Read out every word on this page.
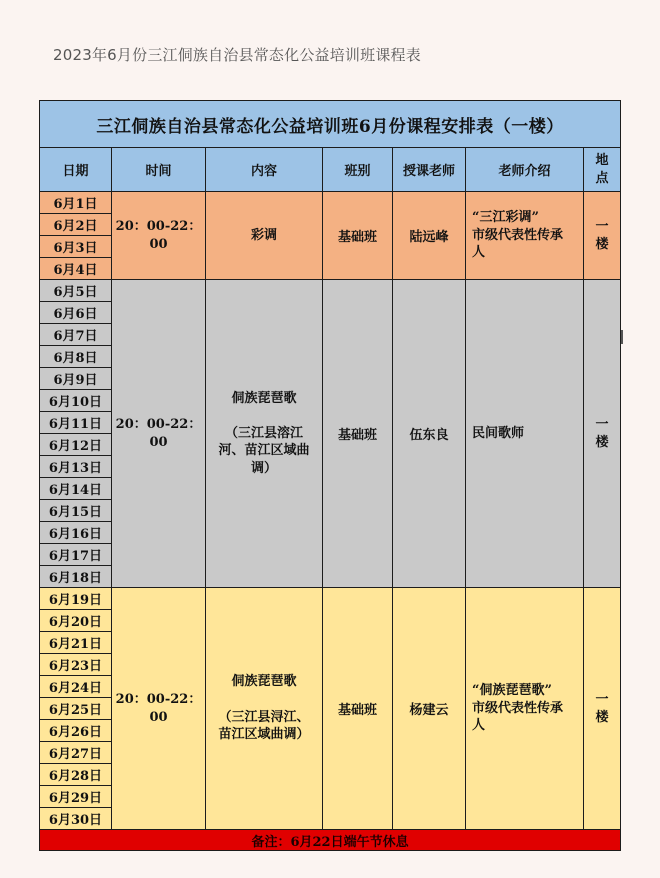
2023年6月份三江侗族自治县常态化公益培训班课程表
三江侗族自治县常态化公益培训班6月份课程安排表（一楼）						
日期	时间	内容	班别	授课老师	老师介绍	地
点
6月1日	20：00-22：
00	彩调	基础班	陆远峰	“三江彩调”
市级代表性传承
人	一
楼
6月2日						
6月3日						
6月4日						
6月5日	20：00-22：
00	侗族琵琶歌

（三江县溶江
河、苗江区域曲
调）	基础班	伍东良	民间歌师	一
楼
6月6日						
6月7日						
6月8日						
6月9日						
6月10日						
6月11日						
6月12日						
6月13日						
6月14日						
6月15日						
6月16日						
6月17日						
6月18日						
6月19日	20：00-22：
00	侗族琵琶歌

（三江县浔江、
苗江区域曲调）	基础班	杨建云	“侗族琵琶歌”
市级代表性传承
人	一
楼
6月20日						
6月21日						
6月23日						
6月24日						
6月25日						
6月26日						
6月27日						
6月28日						
6月29日						
6月30日						
备注：6月22日端午节休息						
